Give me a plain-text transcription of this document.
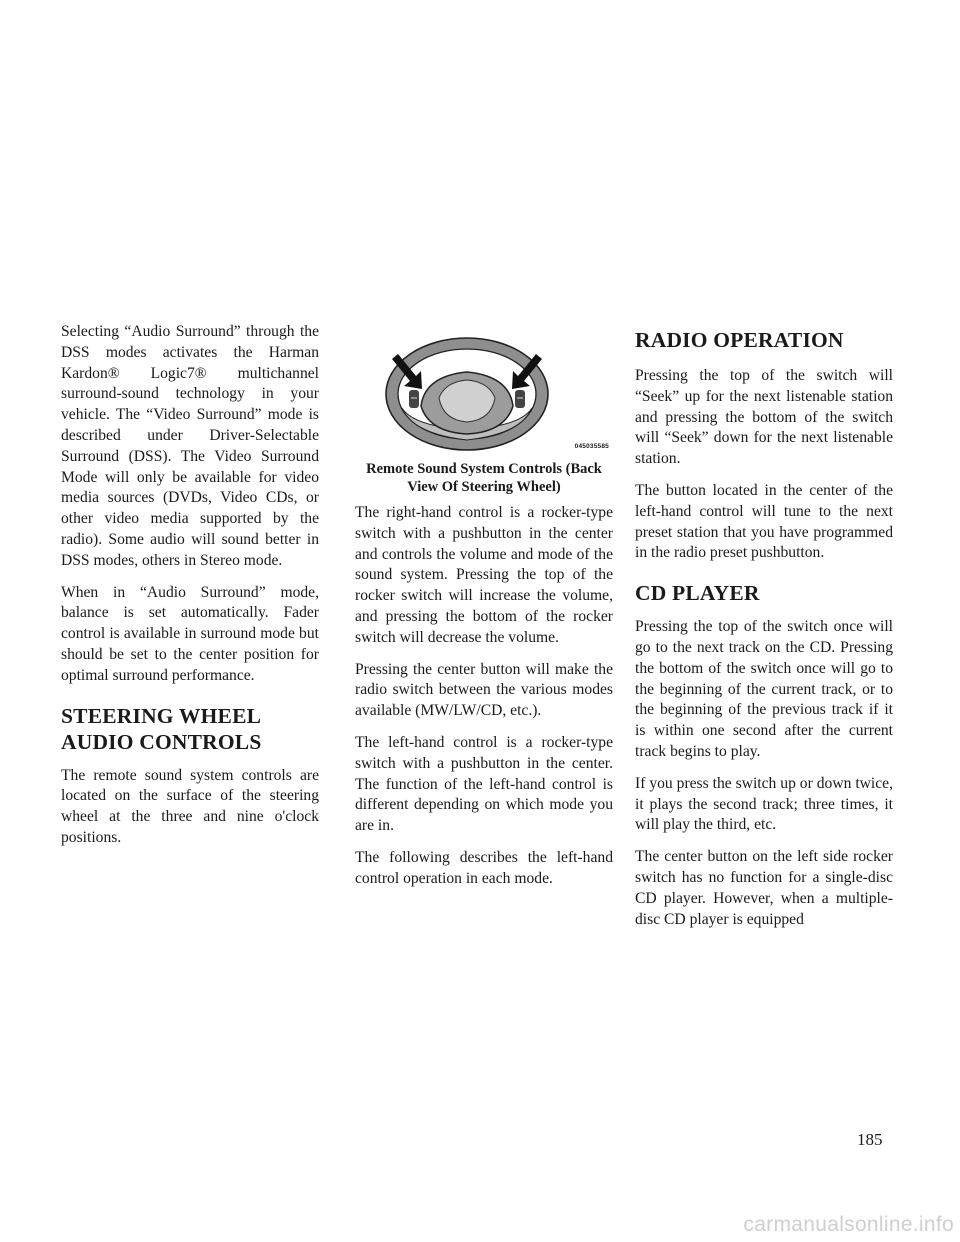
Selecting “Audio Surround” through the DSS modes activates the Harman Kardon® Logic7® multichannel surround-sound technology in your vehicle. The “Video Surround” mode is described under Driver-Selectable Surround (DSS). The Video Surround Mode will only be available for video media sources (DVDs, Video CDs, or other video media supported by the radio). Some audio will sound better in DSS modes, others in Stereo mode.

When in “Audio Surround” mode, balance is set automatically. Fader control is available in surround mode but should be set to the center position for optimal surround performance.

STEERING WHEEL AUDIO CONTROLS

The remote sound system controls are located on the surface of the steering wheel at the three and nine o'clock positions.

045035585
Remote Sound System Controls (Back View Of Steering Wheel)

The right-hand control is a rocker-type switch with a pushbutton in the center and controls the volume and mode of the sound system. Pressing the top of the rocker switch will increase the volume, and pressing the bottom of the rocker switch will decrease the volume.

Pressing the center button will make the radio switch between the various modes available (MW/LW/CD, etc.).

The left-hand control is a rocker-type switch with a pushbutton in the center. The function of the left-hand control is different depending on which mode you are in.

The following describes the left-hand control operation in each mode.

RADIO OPERATION

Pressing the top of the switch will “Seek” up for the next listenable station and pressing the bottom of the switch will “Seek” down for the next listenable station.

The button located in the center of the left-hand control will tune to the next preset station that you have programmed in the radio preset pushbutton.

CD PLAYER

Pressing the top of the switch once will go to the next track on the CD. Pressing the bottom of the switch once will go to the beginning of the current track, or to the beginning of the previous track if it is within one second after the current track begins to play.

If you press the switch up or down twice, it plays the second track; three times, it will play the third, etc.

The center button on the left side rocker switch has no function for a single-disc CD player. However, when a multiple-disc CD player is equipped

185
carmanualsonline.info
